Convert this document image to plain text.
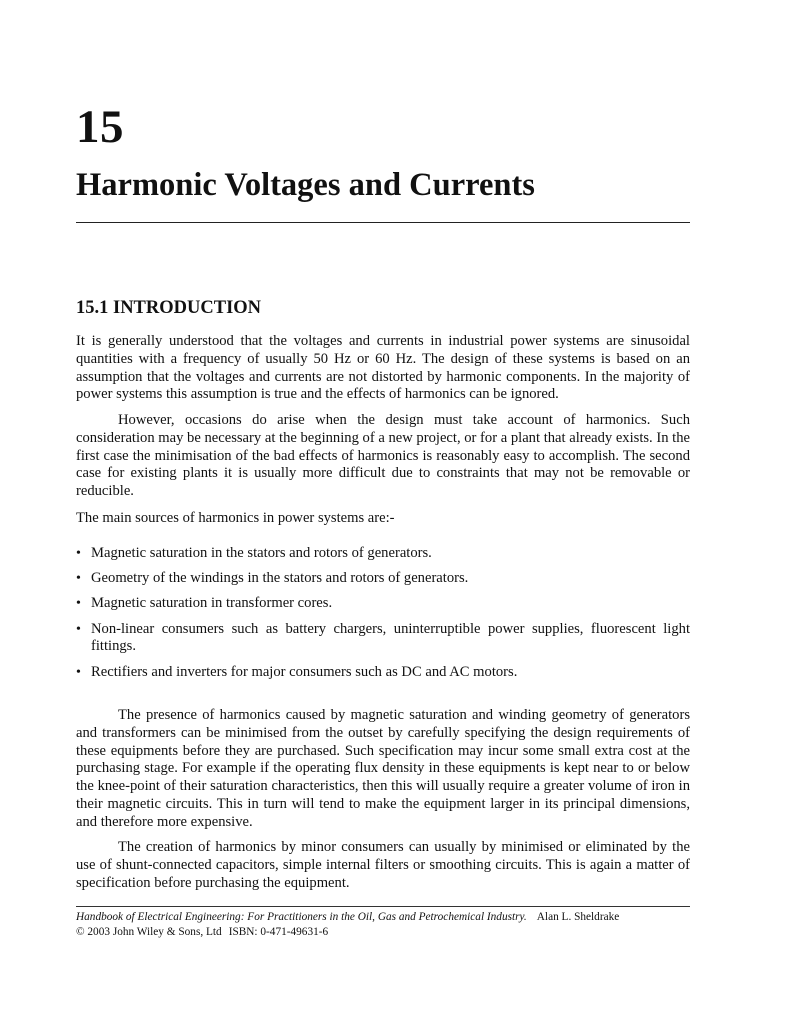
15
Harmonic Voltages and Currents
15.1 INTRODUCTION

It is generally understood that the voltages and currents in industrial power systems are sinusoidal quantities with a frequency of usually 50 Hz or 60 Hz. The design of these systems is based on an assumption that the voltages and currents are not distorted by harmonic components. In the majority of power systems this assumption is true and the effects of harmonics can be ignored.

However, occasions do arise when the design must take account of harmonics. Such consideration may be necessary at the beginning of a new project, or for a plant that already exists. In the first case the minimisation of the bad effects of harmonics is reasonably easy to accomplish. The second case for existing plants it is usually more difficult due to constraints that may not be removable or reducible.

The main sources of harmonics in power systems are:-

• Magnetic saturation in the stators and rotors of generators.
• Geometry of the windings in the stators and rotors of generators.
• Magnetic saturation in transformer cores.
• Non-linear consumers such as battery chargers, uninterruptible power supplies, fluorescent light fittings.
• Rectifiers and inverters for major consumers such as DC and AC motors.

The presence of harmonics caused by magnetic saturation and winding geometry of generators and transformers can be minimised from the outset by carefully specifying the design requirements of these equipments before they are purchased. Such specification may incur some small extra cost at the purchasing stage. For example if the operating flux density in these equipments is kept near to or below the knee-point of their saturation characteristics, then this will usually require a greater volume of iron in their magnetic circuits. This in turn will tend to make the equipment larger in its principal dimensions, and therefore more expensive.

The creation of harmonics by minor consumers can usually by minimised or eliminated by the use of shunt-connected capacitors, simple internal filters or smoothing circuits. This is again a matter of specification before purchasing the equipment.

Handbook of Electrical Engineering: For Practitioners in the Oil, Gas and Petrochemical Industry. Alan L. Sheldrake
© 2003 John Wiley & Sons, Ltd ISBN: 0-471-49631-6
